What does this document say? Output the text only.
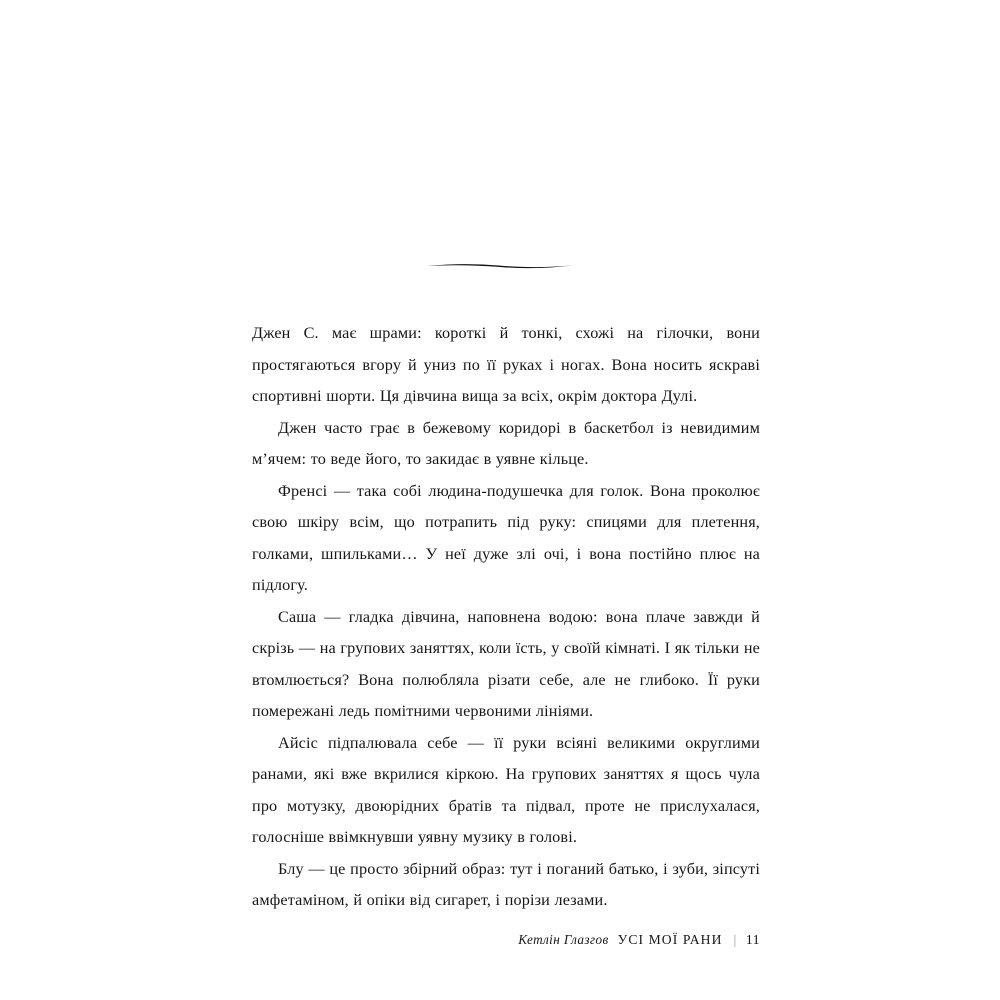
Джен С. має шрами: короткі й тонкі, схожі на гілочки, вони простягаються вгору й униз по її руках і ногах. Вона носить яскраві спортивні шорти. Ця дівчина вища за всіх, окрім доктора Дулі.

Джен часто грає в бежевому коридорі в баскетбол із невидимим м’ячем: то веде його, то закидає в уявне кільце.

Френсі — така собі людина-подушечка для голок. Вона проколює свою шкіру всім, що потрапить під руку: спицями для плетення, голками, шпильками… У неї дуже злі очі, і вона постійно плює на підлогу.

Саша — гладка дівчина, наповнена водою: вона плаче завжди й скрізь — на групових заняттях, коли їсть, у своїй кімнаті. І як тільки не втомлюється? Вона полюбляла різати себе, але не глибоко. Її руки помережані ледь помітними червоними лініями.

Айсіс підпалювала себе — її руки всіяні великими округлими ранами, які вже вкрилися кіркою. На групових заняттях я щось чула про мотузку, двоюрідних братів та підвал, проте не прислухалася, голосніше ввімкнувши уявну музику в голові.

Блу — це просто збірний образ: тут і поганий батько, і зуби, зіпсуті амфетаміном, й опіки від сигарет, і порізи лезами.

Кетлін Глазгов УСІ МОЇ РАНИ | 11
